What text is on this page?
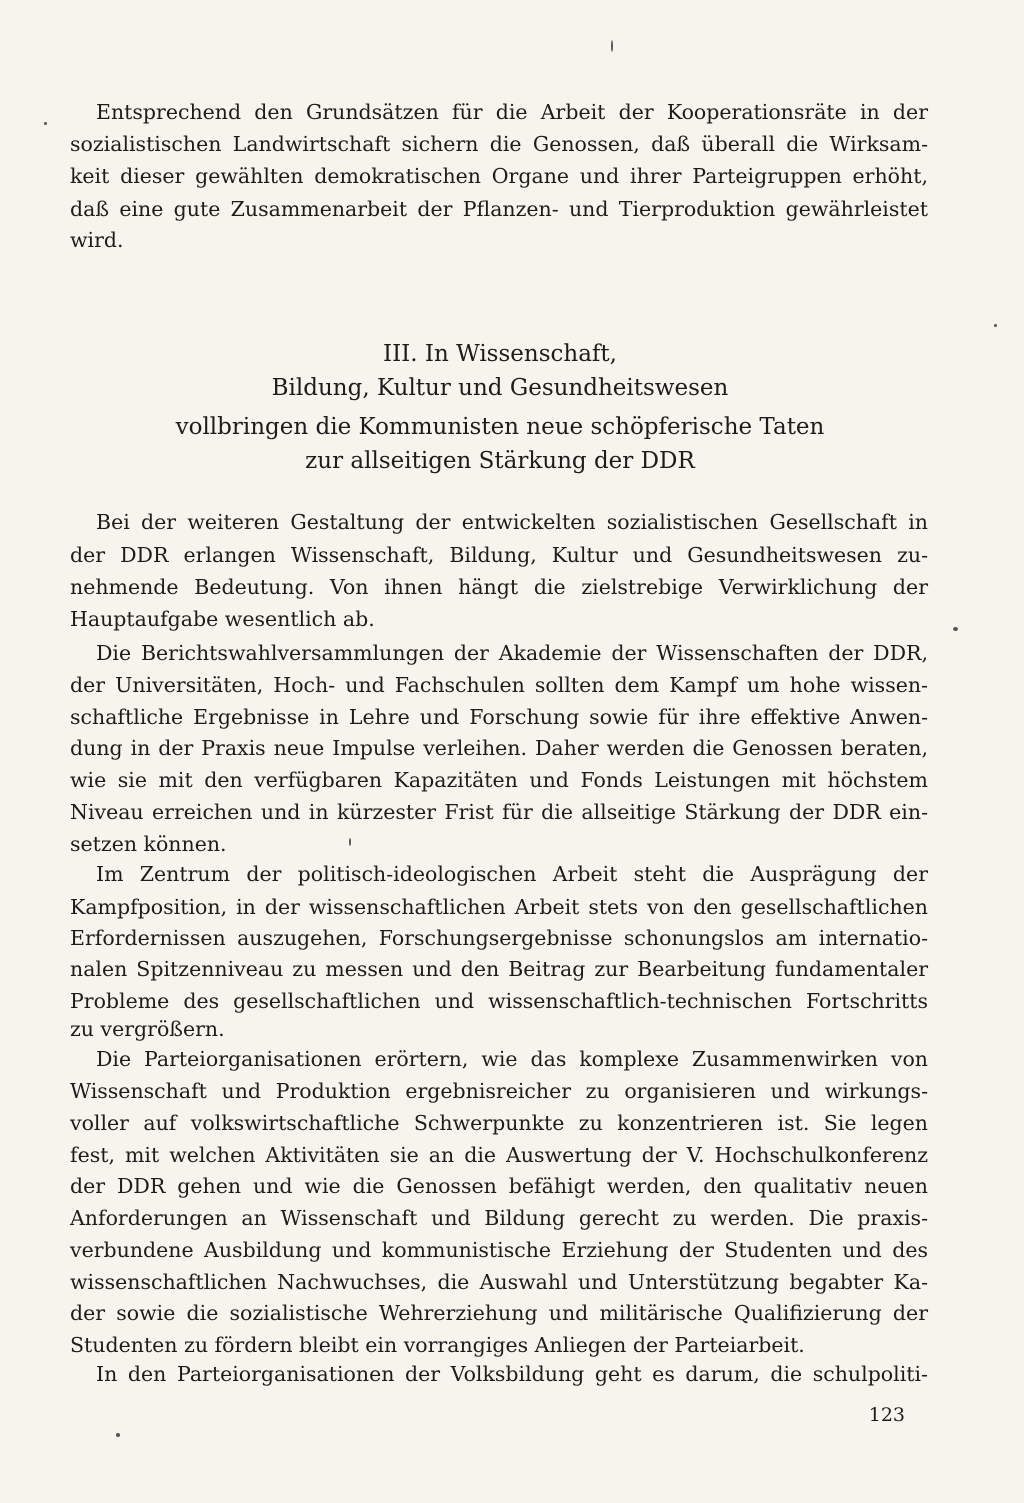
Entsprechend den Grundsätzen für die Arbeit der Kooperationsräte in der
sozialistischen Landwirtschaft sichern die Genossen, daß überall die Wirksam-
keit dieser gewählten demokratischen Organe und ihrer Parteigruppen erhöht,
daß eine gute Zusammenarbeit der Pflanzen- und Tierproduktion gewährleistet
wird.
III. In Wissenschaft,
Bildung, Kultur und Gesundheitswesen
vollbringen die Kommunisten neue schöpferische Taten
zur allseitigen Stärkung der DDR
Bei der weiteren Gestaltung der entwickelten sozialistischen Gesellschaft in
der DDR erlangen Wissenschaft, Bildung, Kultur und Gesundheitswesen zu-
nehmende Bedeutung. Von ihnen hängt die zielstrebige Verwirklichung der
Hauptaufgabe wesentlich ab.
Die Berichtswahlversammlungen der Akademie der Wissenschaften der DDR,
der Universitäten, Hoch- und Fachschulen sollten dem Kampf um hohe wissen-
schaftliche Ergebnisse in Lehre und Forschung sowie für ihre effektive Anwen-
dung in der Praxis neue Impulse verleihen. Daher werden die Genossen beraten,
wie sie mit den verfügbaren Kapazitäten und Fonds Leistungen mit höchstem
Niveau erreichen und in kürzester Frist für die allseitige Stärkung der DDR ein-
setzen können.
Im Zentrum der politisch-ideologischen Arbeit steht die Ausprägung der
Kampfposition, in der wissenschaftlichen Arbeit stets von den gesellschaftlichen
Erfordernissen auszugehen, Forschungsergebnisse schonungslos am internatio-
nalen Spitzenniveau zu messen und den Beitrag zur Bearbeitung fundamentaler
Probleme des gesellschaftlichen und wissenschaftlich-technischen Fortschritts
zu vergrößern.
Die Parteiorganisationen erörtern, wie das komplexe Zusammenwirken von
Wissenschaft und Produktion ergebnisreicher zu organisieren und wirkungs-
voller auf volkswirtschaftliche Schwerpunkte zu konzentrieren ist. Sie legen
fest, mit welchen Aktivitäten sie an die Auswertung der V. Hochschulkonferenz
der DDR gehen und wie die Genossen befähigt werden, den qualitativ neuen
Anforderungen an Wissenschaft und Bildung gerecht zu werden. Die praxis-
verbundene Ausbildung und kommunistische Erziehung der Studenten und des
wissenschaftlichen Nachwuchses, die Auswahl und Unterstützung begabter Ka-
der sowie die sozialistische Wehrerziehung und militärische Qualifizierung der
Studenten zu fördern bleibt ein vorrangiges Anliegen der Parteiarbeit.
In den Parteiorganisationen der Volksbildung geht es darum, die schulpoliti-
123
